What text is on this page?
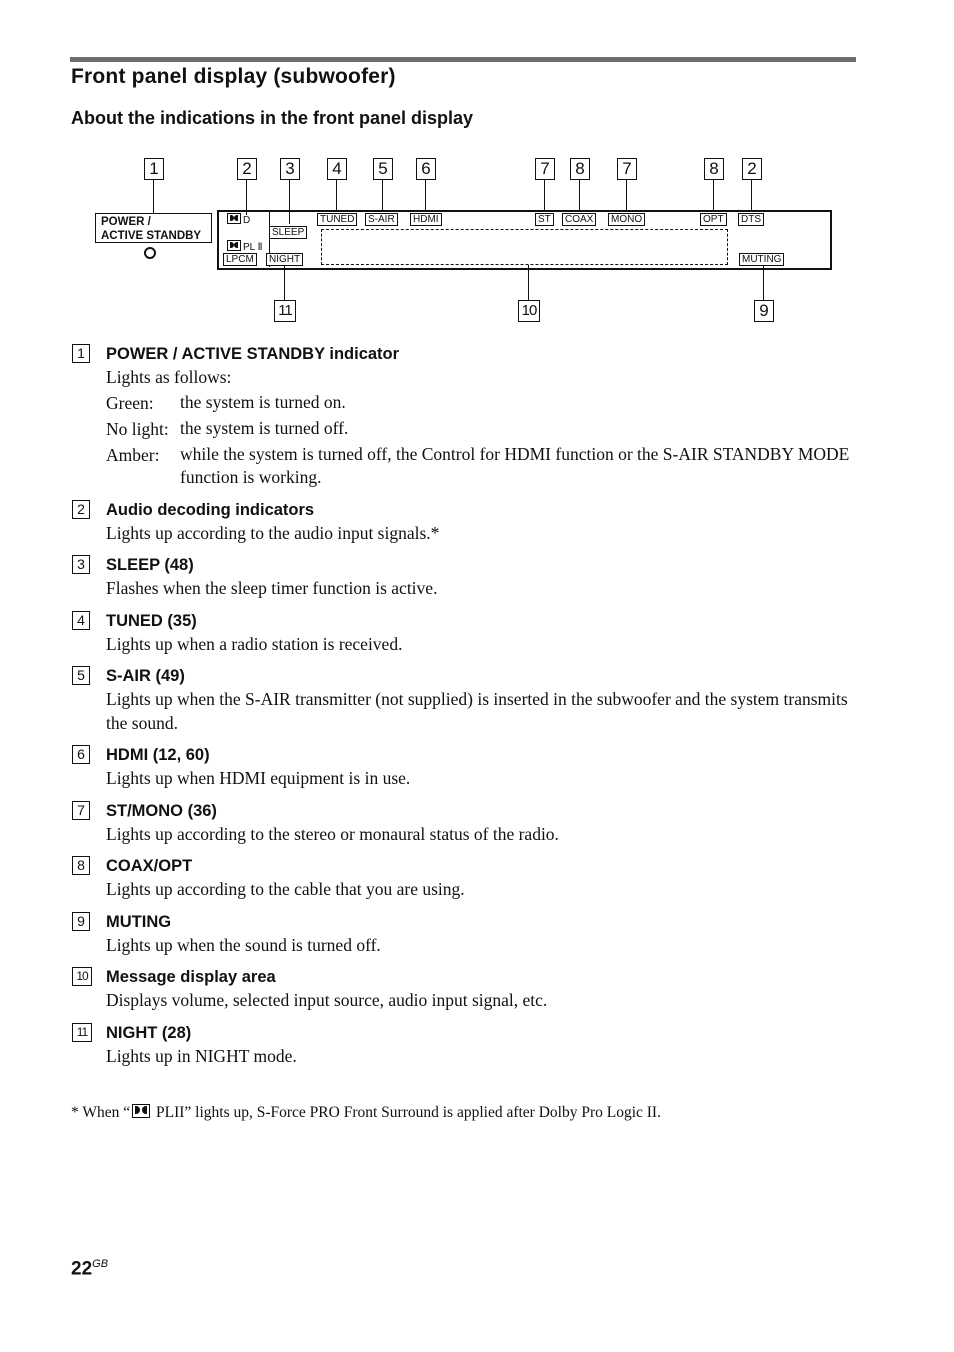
Front panel display (subwoofer)
About the indications in the front panel display
1	2	3	4	5	6	7	8	7	8	2
POWER /
ACTIVE STANDBY
D
PL Ⅱ
LPCM
SLEEP
NIGHT
TUNED	S-AIR	HDMI	ST	COAX	MONO	OPT	DTS
MUTING
11	10	9
1	POWER / ACTIVE STANDBY indicator
Lights as follows:
Green:	the system is turned on.
No light: the system is turned off.
Amber:	while the system is turned off, the Control for HDMI function or the S-AIR STANDBY MODE function is working.
2	Audio decoding indicators
Lights up according to the audio input signals.*
3	SLEEP (48)
Flashes when the sleep timer function is active.
4	TUNED (35)
Lights up when a radio station is received.
5	S-AIR (49)
Lights up when the S-AIR transmitter (not supplied) is inserted in the subwoofer and the system transmits the sound.
6	HDMI (12, 60)
Lights up when HDMI equipment is in use.
7	ST/MONO (36)
Lights up according to the stereo or monaural status of the radio.
8	COAX/OPT
Lights up according to the cable that you are using.
9	MUTING
Lights up when the sound is turned off.
10 Message display area
Displays volume, selected input source, audio input signal, etc.
11 NIGHT (28)
Lights up in NIGHT mode.
* When “ PLII” lights up, S-Force PRO Front Surround is applied after Dolby Pro Logic II.
$22^{GB}$
